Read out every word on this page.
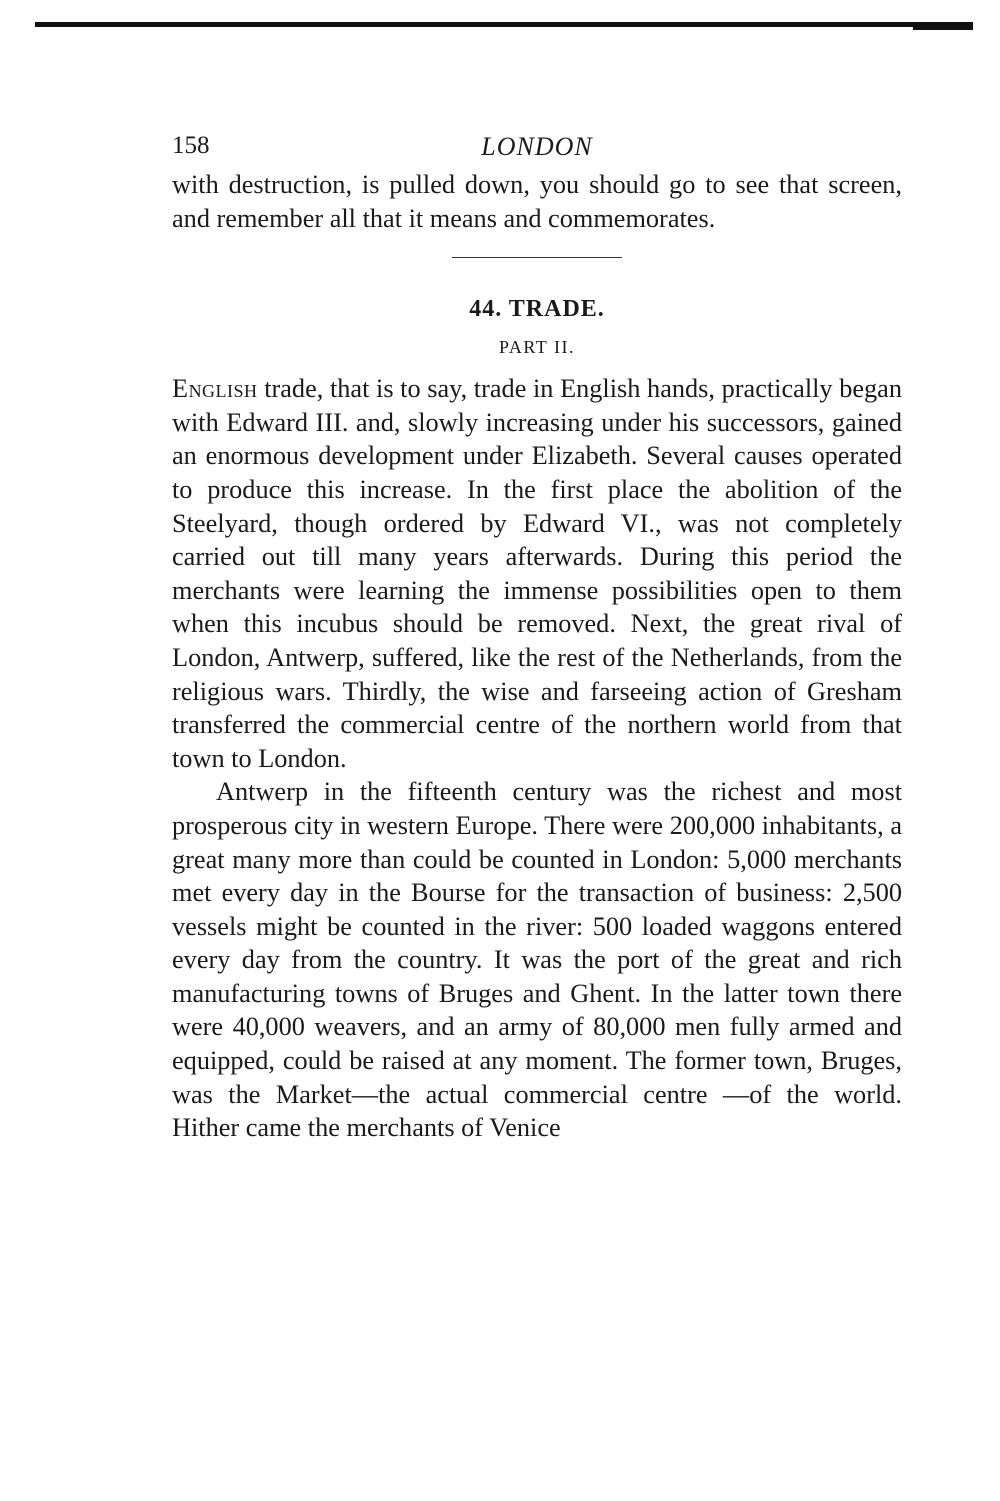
158	LONDON

with destruction, is pulled down, you should go to see that screen, and remember all that it means and commemorates.

44. TRADE.
PART II.

English trade, that is to say, trade in English hands, practically began with Edward III. and, slowly increasing under his successors, gained an enormous development under Elizabeth. Several causes operated to produce this increase. In the first place the abolition of the Steelyard, though ordered by Edward VI., was not completely carried out till many years afterwards. During this period the merchants were learning the immense possibilities open to them when this incubus should be removed. Next, the great rival of London, Antwerp, suffered, like the rest of the Netherlands, from the religious wars. Thirdly, the wise and farseeing action of Gresham transferred the commercial centre of the northern world from that town to London.

Antwerp in the fifteenth century was the richest and most prosperous city in western Europe. There were 200,000 inhabitants, a great many more than could be counted in London: 5,000 merchants met every day in the Bourse for the transaction of business: 2,500 vessels might be counted in the river: 500 loaded waggons entered every day from the country. It was the port of the great and rich manufacturing towns of Bruges and Ghent. In the latter town there were 40,000 weavers, and an army of 80,000 men fully armed and equipped, could be raised at any moment. The former town, Bruges, was the Market—the actual commercial centre —of the world. Hither came the merchants of Venice
